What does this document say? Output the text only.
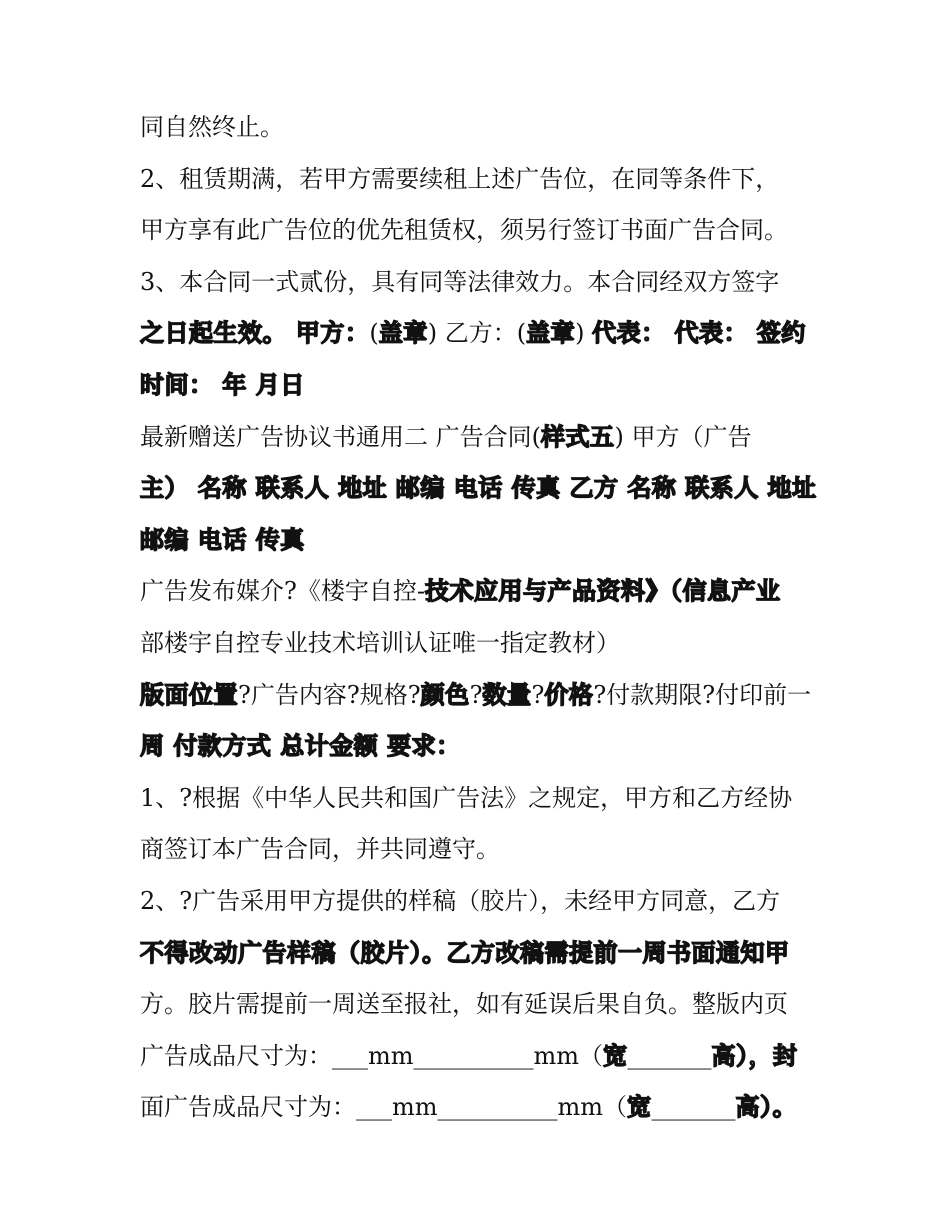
同自然终止。
2、租赁期满，若甲方需要续租上述广告位，在同等条件下，
甲方享有此广告位的优先租赁权，须另行签订书面广告合同。
3、本合同一式贰份，具有同等法律效力。本合同经双方签字
之日起生效。 甲方：(盖章) 乙方：(盖章) 代表： 代表： 签约
时间： 年 月日
最新赠送广告协议书通用二 广告合同(样式五) 甲方（广告
主） 名称 联系人 地址 邮编 电话 传真 乙方 名称 联系人 地址
邮编 电话 传真
广告发布媒介?《楼宇自控-技术应用与产品资料》（信息产业
部楼宇自控专业技术培训认证唯一指定教材）
版面位置?广告内容?规格?颜色?数量?价格?付款期限?付印前一
周 付款方式 总计金额 要求：
1、?根据《中华人民共和国广告法》之规定，甲方和乙方经协
商签订本广告合同，并共同遵守。
2、?广告采用甲方提供的样稿（胶片），未经甲方同意，乙方
不得改动广告样稿（胶片）。乙方改稿需提前一周书面通知甲
方。胶片需提前一周送至报社，如有延误后果自负。整版内页
广告成品尺寸为：___mm__________mm（宽_______高），封
面广告成品尺寸为：___mm__________mm（宽_______高）。
